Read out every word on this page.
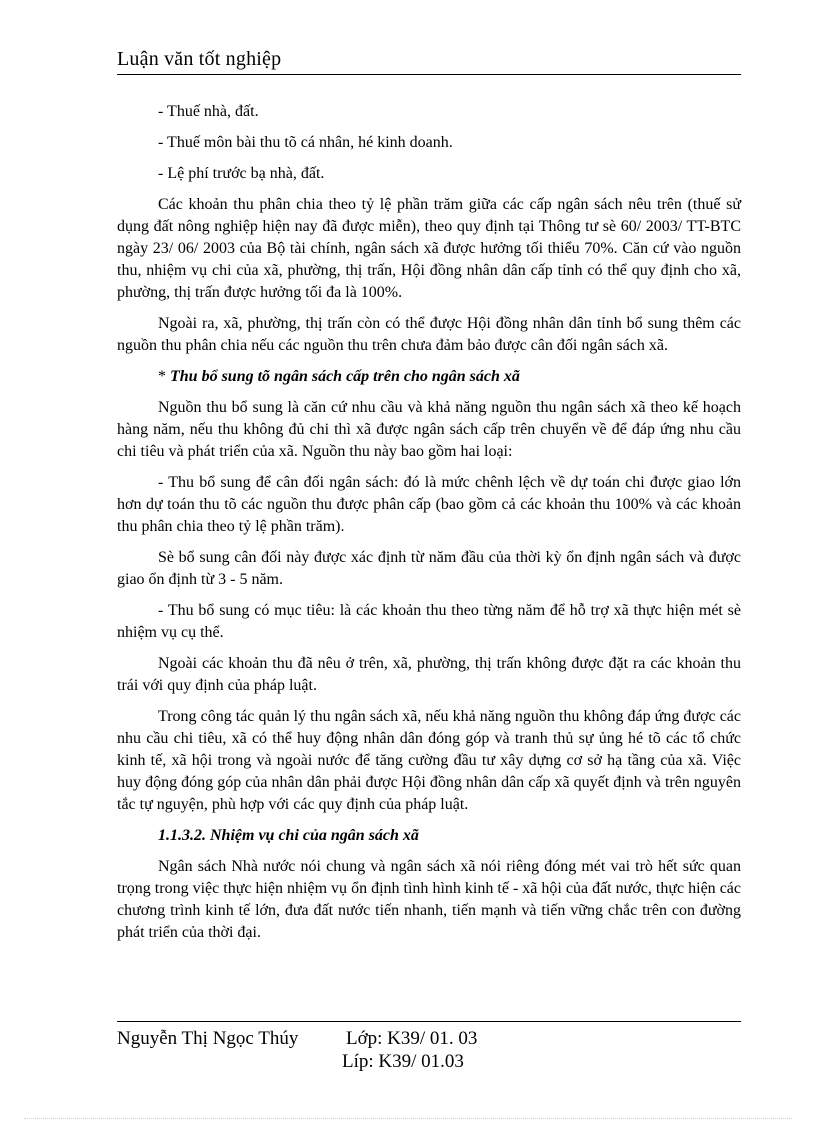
Luận văn tốt nghiệp

- Thuế nhà, đất.

- Thuế môn bài thu tõ cá nhân, hé kinh doanh.

- Lệ phí trước bạ nhà, đất.

Các khoản thu phân chia theo tỷ lệ phần trăm giữa các cấp ngân sách nêu trên (thuế sử dụng đất nông nghiệp hiện nay đã được miễn), theo quy định tại Thông tư sè 60/ 2003/ TT-BTC ngày 23/ 06/ 2003 của Bộ tài chính, ngân sách xã được hưởng tối thiểu 70%. Căn cứ vào nguồn thu, nhiệm vụ chi của xã, phường, thị trấn, Hội đồng nhân dân cấp tỉnh có thể quy định cho xã, phường, thị trấn được hưởng tối đa là 100%.

Ngoài ra, xã, phường, thị trấn còn có thể được Hội đồng nhân dân tỉnh bổ sung thêm các nguồn thu phân chia nếu các nguồn thu trên chưa đảm bảo được cân đối ngân sách xã.

* Thu bổ sung tõ ngân sách cấp trên cho ngân sách xã

Nguồn thu bổ sung là căn cứ nhu cầu và khả năng nguồn thu ngân sách xã theo kế hoạch hàng năm, nếu thu không đủ chi thì xã được ngân sách cấp trên chuyển về để đáp ứng nhu cầu chi tiêu và phát triển của xã. Nguồn thu này bao gồm hai loại:

- Thu bổ sung để cân đối ngân sách: đó là mức chênh lệch về dự toán chi được giao lớn hơn dự toán thu tõ các nguồn thu được phân cấp (bao gồm cả các khoản thu 100% và các khoản thu phân chia theo tỷ lệ phần trăm).

Sè bổ sung cân đối này được xác định từ năm đầu của thời kỳ ổn định ngân sách và được giao ổn định từ 3 - 5 năm.

- Thu bổ sung có mục tiêu: là các khoản thu theo từng năm để hỗ trợ xã thực hiện mét sè nhiệm vụ cụ thể.

Ngoài các khoản thu đã nêu ở trên, xã, phường, thị trấn không được đặt ra các khoản thu trái với quy định của pháp luật.

Trong công tác quản lý thu ngân sách xã, nếu khả năng nguồn thu không đáp ứng được các nhu cầu chi tiêu, xã có thể huy động nhân dân đóng góp và tranh thủ sự ủng hé tõ các tổ chức kinh tế, xã hội trong và ngoài nước để tăng cường đầu tư xây dựng cơ sở hạ tầng của xã. Việc huy động đóng góp của nhân dân phải được Hội đồng nhân dân cấp xã quyết định và trên nguyên tắc tự nguyện, phù hợp với các quy định của pháp luật.

1.1.3.2. Nhiệm vụ chi của ngân sách xã

Ngân sách Nhà nước nói chung và ngân sách xã nói riêng đóng mét vai trò hết sức quan trọng trong việc thực hiện nhiệm vụ ổn định tình hình kinh tế - xã hội của đất nước, thực hiện các chương trình kinh tế lớn, đưa đất nước tiến nhanh, tiến mạnh và tiến vững chắc trên con đường phát triển của thời đại.

Nguyễn Thị Ngọc Thúy	Lớp: K39/ 01. 03
Líp: K39/ 01.03
